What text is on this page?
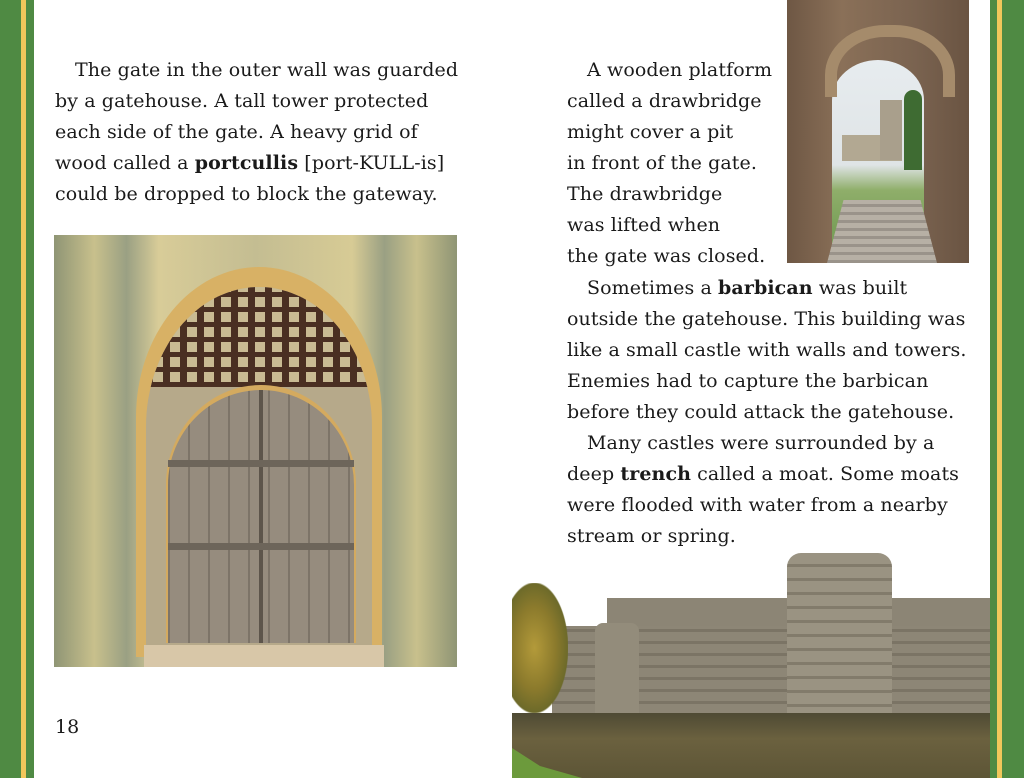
The gate in the outer wall was guarded by a gatehouse. A tall tower protected each side of the gate. A heavy grid of wood called a portcullis [port-KULL-is] could be dropped to block the gateway.

18

A wooden platform

called a drawbridge

might cover a pit

in front of the gate.

The drawbridge

was lifted when

the gate was closed.

Sometimes a barbican was built outside the gatehouse. This building was like a small castle with walls and towers. Enemies had to capture the barbican before they could attack the gatehouse.

Many castles were surrounded by a deep trench called a moat. Some moats were flooded with water from a nearby stream or spring.
